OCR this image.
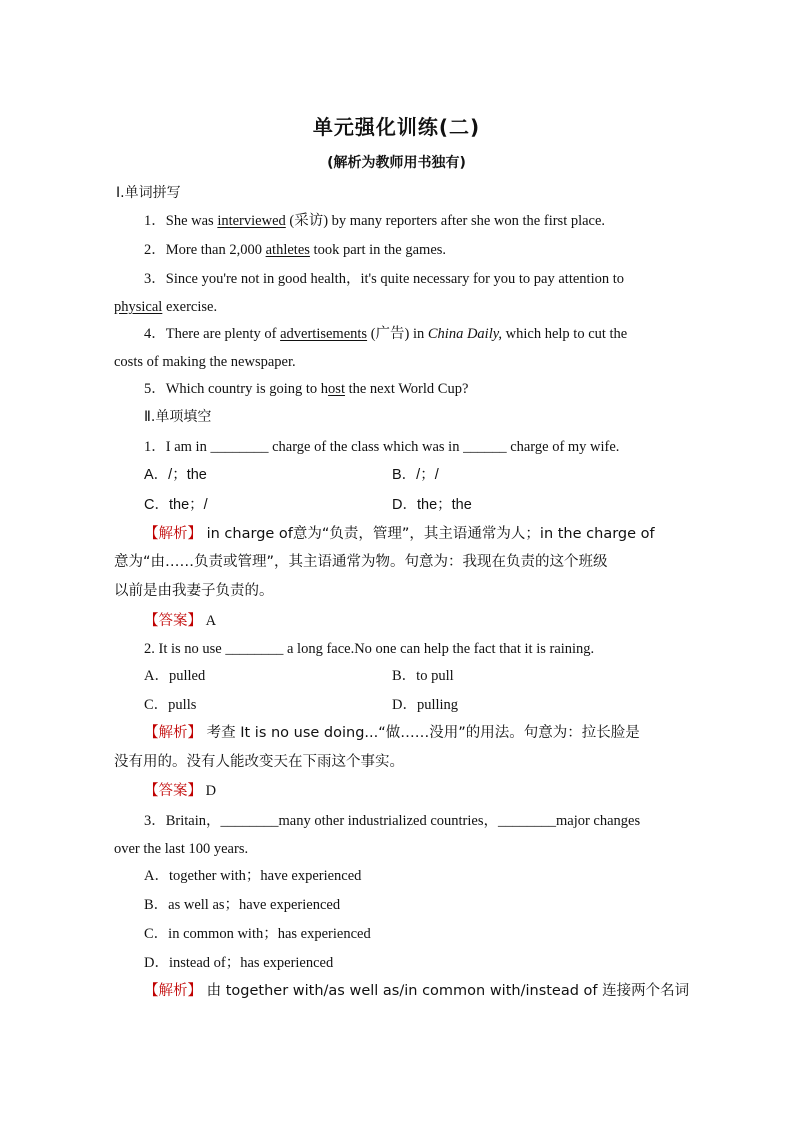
单元强化训练(二)
(解析为教师用书独有)
Ⅰ.单词拼写
1．She was interviewed (采访) by many reporters after she won the first place.
2．More than 2,000 athletes took part in the games.
3．Since you're not in good health，it's quite necessary for you to pay attention to
physical exercise.
4．There are plenty of advertisements (广告) in China Daily, which help to cut the
costs of making the newspaper.
5．Which country is going to host the next World Cup?
Ⅱ.单项填空
1．I am in ________ charge of the class which was in ______ charge of my wife.
A．/；the	B．/；/
C．the；/	D．the；the
【解析】 in charge of意为“负责，管理”，其主语通常为人；in the charge of
意为“由……负责或管理”，其主语通常为物。句意为：我现在负责的这个班级
以前是由我妻子负责的。
【答案】 A
2. It is no use ________ a long face.No one can help the fact that it is raining.
A．pulled	B．to pull
C．pulls	D．pulling
【解析】 考查 It is no use doing...“做……没用”的用法。句意为：拉长脸是
没有用的。没有人能改变天在下雨这个事实。
【答案】 D
3．Britain，________many other industrialized countries，________major changes
over the last 100 years.
A．together with；have experienced
B．as well as；have experienced
C．in common with；has experienced
D．instead of；has experienced
【解析】 由 together with/as well as/in common with/instead of 连接两个名词
